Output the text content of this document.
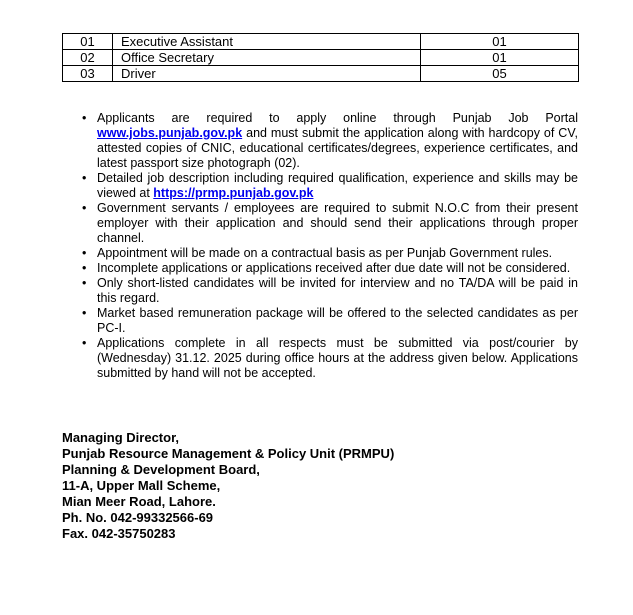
01	Executive Assistant	01
02	Office Secretary	01
03	Driver	05
• Applicants are required to apply online through Punjab Job Portal www.jobs.punjab.gov.pk and must submit the application along with hardcopy of CV, attested copies of CNIC, educational certificates/degrees, experience certificates, and latest passport size photograph (02).
• Detailed job description including required qualification, experience and skills may be viewed at https://prmp.punjab.gov.pk
• Government servants / employees are required to submit N.O.C from their present employer with their application and should send their applications through proper channel.
• Appointment will be made on a contractual basis as per Punjab Government rules.
• Incomplete applications or applications received after due date will not be considered.
• Only short-listed candidates will be invited for interview and no TA/DA will be paid in this regard.
• Market based remuneration package will be offered to the selected candidates as per PC-I.
• Applications complete in all respects must be submitted via post/courier by (Wednesday) 31.12. 2025 during office hours at the address given below. Applications submitted by hand will not be accepted.
Managing Director,
Punjab Resource Management & Policy Unit (PRMPU)
Planning & Development Board,
11-A, Upper Mall Scheme,
Mian Meer Road, Lahore.
Ph. No. 042-99332566-69
Fax. 042-35750283
